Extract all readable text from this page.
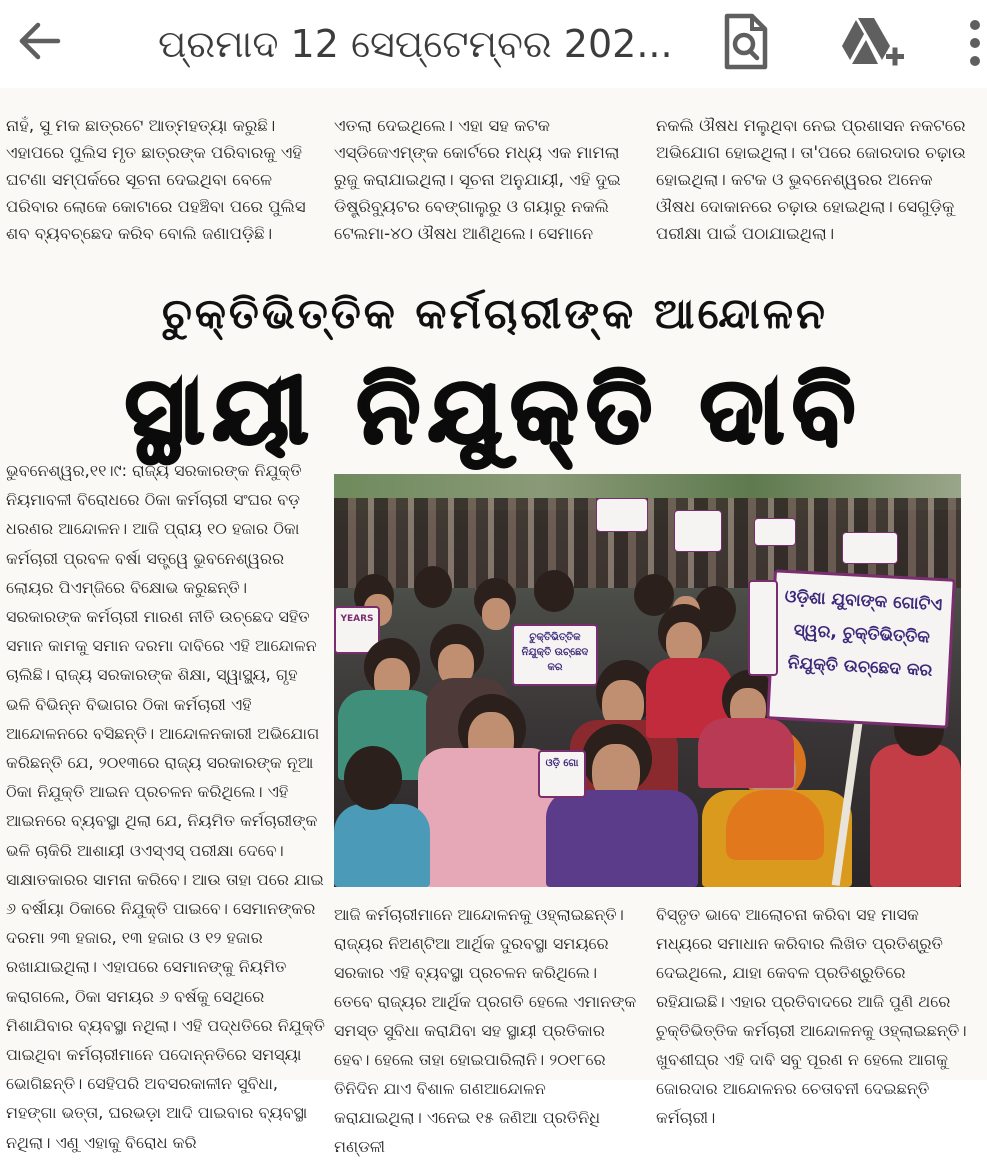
ପ୍ରମାଦ 12 ସେପ୍ଟେମ୍ବର 202...

ନାହଁ, ସୁ ମକ ଛାତ୍ରଟେ ଆତ୍ମହତ୍ୟା କରୁଛି। ଏହାପରେ ପୁଲିସ ମୃତ ଛାତ୍ରଙ୍କ ପରିବାରକୁ ଏହି ଘଟଣା ସମ୍ପର୍କରେ ସୂଚନା ଦେଇଥିବା ବେଳେ ପରିବାର ଲୋକେ କୋଟାରେ ପହଞ୍ଚିବା ପରେ ପୁଲିସ ଶବ ବ୍ୟବଚ୍ଛେଦ କରିବ ବୋଲି ଜଣାପଡ଼ିଛି।

ଏତଲା ଦେଇଥିଲେ। ଏହା ସହ କଟକ ଏସ୍‌ଡିଜେଏମ୍‌ଙ୍କ କୋର୍ଟରେ ମଧ୍ୟ ଏକ ମାମଲା ରୁଜୁ କରାଯାଇଥିଲା। ସୂଚନା ଅନୁଯାୟୀ, ଏହି ଦୁଇ ଡିଷ୍ଟ୍ରିବ୍ୟୁଟର ବେଙ୍ଗାଲୁରୁ ଓ ଗୟାରୁ ନକଲି ଟେଲମା-୪୦ ଔଷଧ ଆଣିଥିଲେ। ସେମାନେ

ନକଲି ଔଷଧ ମଲୁଥିବା ନେଇ ପ୍ରଶାସନ ନକଟରେ ଅଭିଯୋଗ ହୋଇଥିଲା। ତା'ପରେ ଜୋରଦାର ଚଢ଼ାଉ ହୋଇଥିଲା। କଟକ ଓ ଭୁବନେଶ୍ୱରର ଅନେକ ଔଷଧ ଦୋକାନରେ ଚଢ଼ାଉ ହୋଇଥିଲା। ସେଗୁଡ଼ିକୁ ପରୀକ୍ଷା ପାଇଁ ପଠାଯାଇଥିଲା।

ଚୁକ୍ତିଭିତ୍ତିକ କର୍ମଚାରୀଙ୍କ ଆନ୍ଦୋଳନ
ସ୍ଥାୟୀ ନିଯୁକ୍ତି ଦାବି

ଭୁବନେଶ୍ୱର,୧୧।୯: ରାଜ୍ୟ ସରକାରଙ୍କ ନିଯୁକ୍ତି ନିୟମାବଳୀ ବିରୋଧରେ ଠିକା କର୍ମଚାରୀ ସଂଘର ବଡ଼ ଧରଣର ଆନ୍ଦୋଳନ। ଆଜି ପ୍ରାୟ ୧୦ ହଜାର ଠିକା କର୍ମଚାରୀ ପ୍ରବଳ ବର୍ଷା ସତ୍ତ୍ୱେ ଭୁବନେଶ୍ୱରର ଲୋୟର ପିଏମ୍‌ଜିରେ ବିକ୍ଷୋଭ କରୁଛନ୍ତି। ସରକାରଙ୍କ କର୍ମଚାରୀ ମାରଣ ନୀତି ଉଚ୍ଛେଦ ସହିତ ସମାନ କାମକୁ ସମାନ ଦରମା ଦାବିରେ ଏହି ଆନ୍ଦୋଳନ ଚାଲିଛି। ରାଜ୍ୟ ସରକାରଙ୍କ ଶିକ୍ଷା, ସ୍ୱାସ୍ଥ୍ୟ, ଗୃହ ଭଳି ବିଭିନ୍ନ ବିଭାଗର ଠିକା କର୍ମଚାରୀ ଏହି ଆନ୍ଦୋଳନରେ ବସିଛନ୍ତି। ଆନ୍ଦୋଳନକାରୀ ଅଭିଯୋଗ କରିଛନ୍ତି ଯେ, ୨୦୧୩ରେ ରାଜ୍ୟ ସରକାରଙ୍କ ନୂଆ ଠିକା ନିଯୁକ୍ତି ଆଇନ ପ୍ରଚଳନ କରିଥିଲେ। ଏହି ଆଇନରେ ବ୍ୟବସ୍ଥା ଥିଲା ଯେ, ନିୟମିତ କର୍ମଚାରୀଙ୍କ ଭଳି ଚାକିରି ଆଶାୟୀ ଓଏସ୍‌ଏସ୍ ପରୀକ୍ଷା ଦେବେ। ସାକ୍ଷାତକାରର ସାମନା କରିବେ। ଆଉ ତାହା ପରେ ଯାଇ ୬ ବର୍ଷୀୟା ଠିକାରେ ନିଯୁକ୍ତି ପାଇବେ। ସେମାନଙ୍କର ଦରମା ୨୩ ହଜାର, ୧୩ ହଜାର ଓ ୧୨ ହଜାର ରଖାଯାଇଥିଲା। ଏହାପରେ ସେମାନଙ୍କୁ ନିୟମିତ କରାଗଲେ, ଠିକା ସମୟର ୬ ବର୍ଷକୁ ସେଥିରେ ମିଶାଯିବାର ବ୍ୟବସ୍ଥା ନଥିଲା। ଏହି ପଦ୍ଧତିରେ ନିଯୁକ୍ତି ପାଇଥିବା କର୍ମଚାରୀମାନେ ପଦୋନ୍ନତିରେ ସମସ୍ୟା ଭୋଗିଛନ୍ତି। ସେହିପରି ଅବସରକାଳୀନ ସୁବିଧା, ମହଙ୍ଗା ଭତ୍ତା, ଘରଭଡ଼ା ଆଦି ପାଇବାର ବ୍ୟବସ୍ଥା ନଥିଲା। ଏଣୁ ଏହାକୁ ବିରୋଧ କରି

YEARS
ଚୁକ୍ତିଭିତ୍ତିକ ନିଯୁକ୍ତି ଉଚ୍ଛେଦ କର
ଓଡ଼ି ଗୋ
ଓଡ଼ିଶା ଯୁବାଙ୍କ ଗୋଟିଏ ସ୍ୱର, ଚୁକ୍ତିଭିତ୍ତିକ ନିଯୁକ୍ତି ଉଚ୍ଛେଦ କର

ଆଜି କର୍ମଚାରୀମାନେ ଆନ୍ଦୋଳନକୁ ଓହ୍ଲାଇଛନ୍ତି। ରାଜ୍ୟର ନିଅଣ୍ଟିଆ ଆର୍ଥିକ ଦୁରବସ୍ଥା ସମୟରେ ସରକାର ଏହି ବ୍ୟବସ୍ଥା ପ୍ରଚଳନ କରିଥିଲେ। ତେବେ ରାଜ୍ୟର ଆର୍ଥିକ ପ୍ରଗତି ହେଲେ ଏମାନଙ୍କ ସମସ୍ତ ସୁବିଧା କରାଯିବା ସହ ସ୍ଥାୟୀ ପ୍ରତିକାର ହେବ। ହେଲେ ତାହା ହୋଇପାରିଲାନି। ୨୦୧୮ରେ ତିନିଦିନ ଯାଏ ବିଶାଳ ଗଣଆନ୍ଦୋଳନ କରାଯାଇଥିଲା। ଏନେଇ ୧୫ ଜଣିଆ ପ୍ରତିନିଧି ମଣ୍ଡଳୀ

ବିସ୍ତୃତ ଭାବେ ଆଲୋଚନା କରିବା ସହ ମାସକ ମଧ୍ୟରେ ସମାଧାନ କରିବାର ଲିଖିତ ପ୍ରତିଶ୍ରୁତି ଦେଇଥିଲେ, ଯାହା କେବଳ ପ୍ରତିଶ୍ରୁତିରେ ରହିଯାଇଛି। ଏହାର ପ୍ରତିବାଦରେ ଆଜି ପୁଣି ଥରେ ଚୁକ୍ତିଭିତ୍ତିକ କର୍ମଚାରୀ ଆନ୍ଦୋଳନକୁ ଓହ୍ଲାଇଛନ୍ତି। ଖୁବଶୀଘ୍ର ଏହି ଦାବି ସବୁ ପୂରଣ ନ ହେଲେ ଆଗକୁ ଜୋରଦାର ଆନ୍ଦୋଳନର ଚେତାବନୀ ଦେଇଛନ୍ତି କର୍ମଚାରୀ।
